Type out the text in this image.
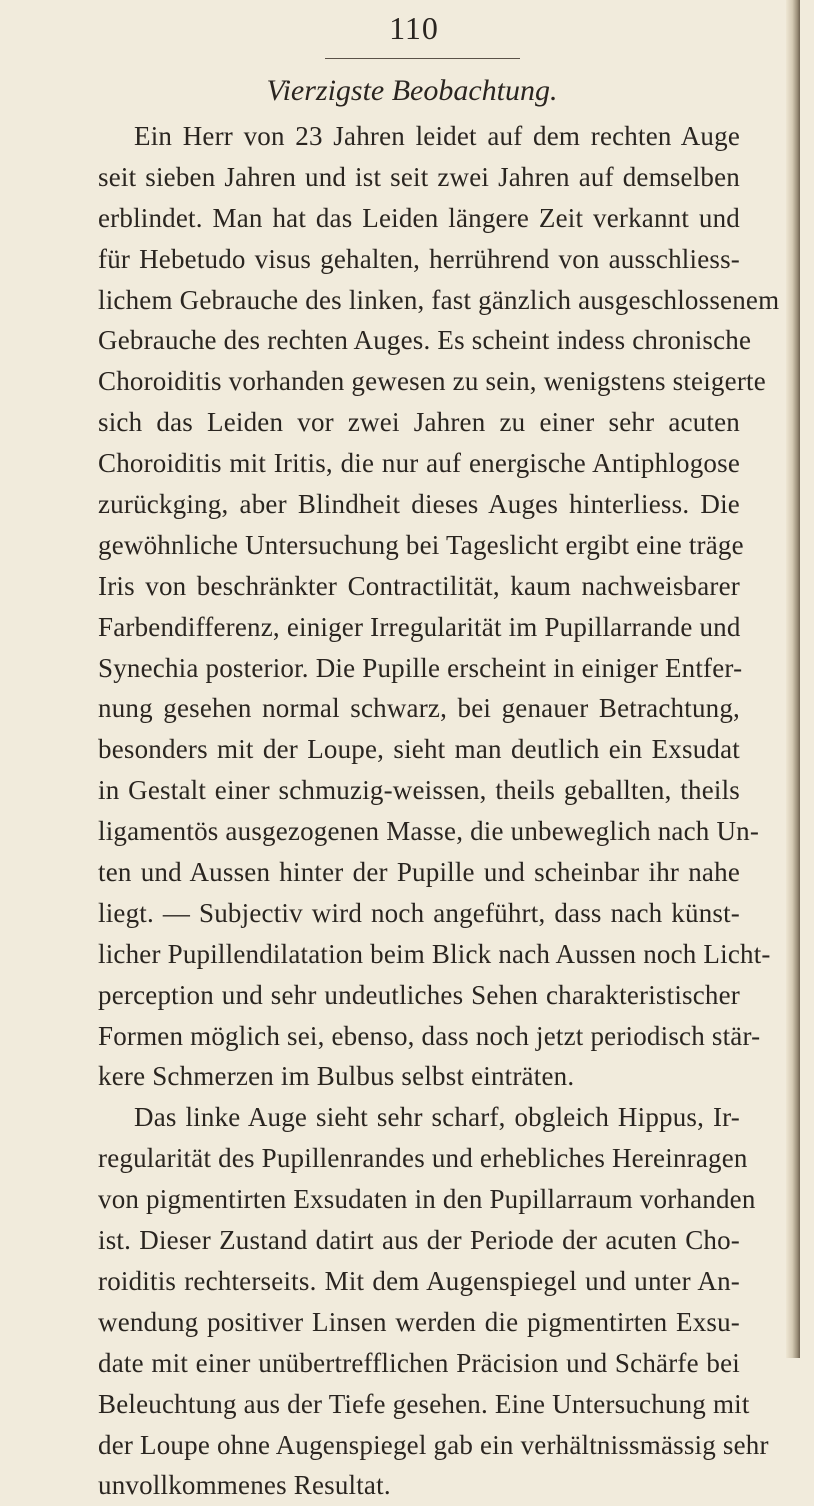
110
Vierzigste Beobachtung.
Ein Herr von 23 Jahren leidet auf dem rechten Auge
seit sieben Jahren und ist seit zwei Jahren auf demselben
erblindet. Man hat das Leiden längere Zeit verkannt und
für Hebetudo visus gehalten, herrührend von ausschliess-
lichem Gebrauche des linken, fast gänzlich ausgeschlossenem
Gebrauche des rechten Auges. Es scheint indess chronische
Choroiditis vorhanden gewesen zu sein, wenigstens steigerte
sich das Leiden vor zwei Jahren zu einer sehr acuten
Choroiditis mit Iritis, die nur auf energische Antiphlogose
zurückging, aber Blindheit dieses Auges hinterliess. Die
gewöhnliche Untersuchung bei Tageslicht ergibt eine träge
Iris von beschränkter Contractilität, kaum nachweisbarer
Farbendifferenz, einiger Irregularität im Pupillarrande und
Synechia posterior. Die Pupille erscheint in einiger Entfer-
nung gesehen normal schwarz, bei genauer Betrachtung,
besonders mit der Loupe, sieht man deutlich ein Exsudat
in Gestalt einer schmuzig-weissen, theils geballten, theils
ligamentös ausgezogenen Masse, die unbeweglich nach Un-
ten und Aussen hinter der Pupille und scheinbar ihr nahe
liegt. — Subjectiv wird noch angeführt, dass nach künst-
licher Pupillendilatation beim Blick nach Aussen noch Licht-
perception und sehr undeutliches Sehen charakteristischer
Formen möglich sei, ebenso, dass noch jetzt periodisch stär-
kere Schmerzen im Bulbus selbst einträten.
Das linke Auge sieht sehr scharf, obgleich Hippus, Ir-
regularität des Pupillenrandes und erhebliches Hereinragen
von pigmentirten Exsudaten in den Pupillarraum vorhanden
ist. Dieser Zustand datirt aus der Periode der acuten Cho-
roiditis rechterseits. Mit dem Augenspiegel und unter An-
wendung positiver Linsen werden die pigmentirten Exsu-
date mit einer unübertrefflichen Präcision und Schärfe bei
Beleuchtung aus der Tiefe gesehen. Eine Untersuchung mit
der Loupe ohne Augenspiegel gab ein verhältnissmässig sehr
unvollkommenes Resultat.
